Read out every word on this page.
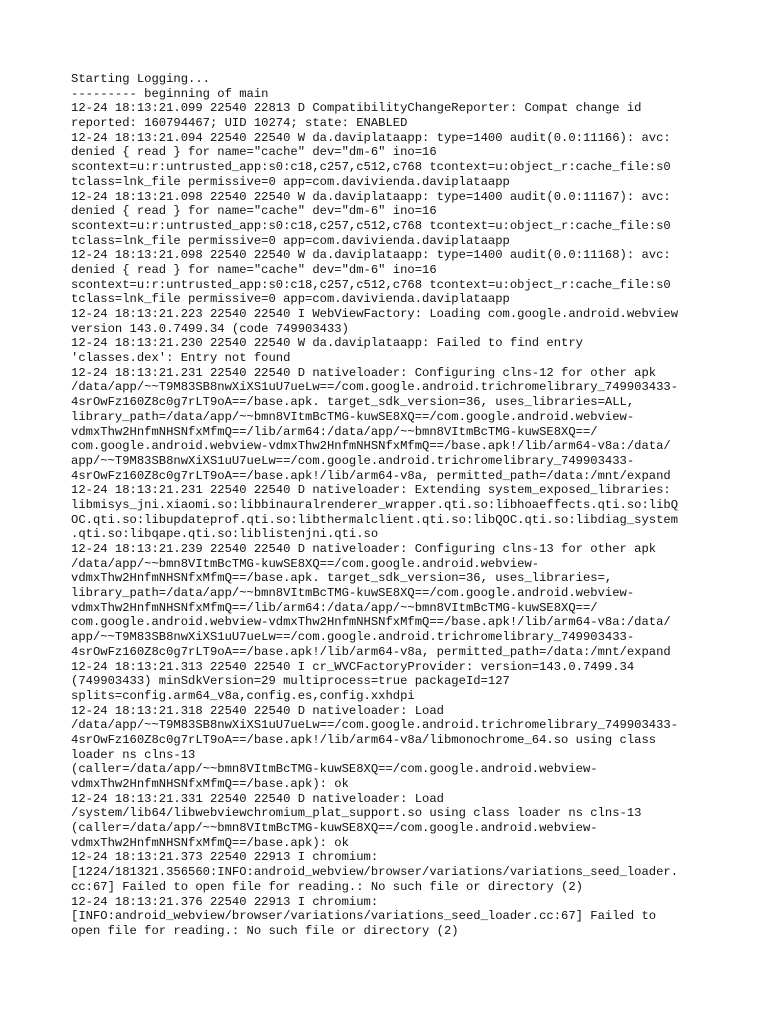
Starting Logging...
--------- beginning of main
12-24 18:13:21.099 22540 22813 D CompatibilityChangeReporter: Compat change id
reported: 160794467; UID 10274; state: ENABLED
12-24 18:13:21.094 22540 22540 W da.daviplataapp: type=1400 audit(0.0:11166): avc:
denied { read } for name="cache" dev="dm-6" ino=16
scontext=u:r:untrusted_app:s0:c18,c257,c512,c768 tcontext=u:object_r:cache_file:s0
tclass=lnk_file permissive=0 app=com.davivienda.daviplataapp
12-24 18:13:21.098 22540 22540 W da.daviplataapp: type=1400 audit(0.0:11167): avc:
denied { read } for name="cache" dev="dm-6" ino=16
scontext=u:r:untrusted_app:s0:c18,c257,c512,c768 tcontext=u:object_r:cache_file:s0
tclass=lnk_file permissive=0 app=com.davivienda.daviplataapp
12-24 18:13:21.098 22540 22540 W da.daviplataapp: type=1400 audit(0.0:11168): avc:
denied { read } for name="cache" dev="dm-6" ino=16
scontext=u:r:untrusted_app:s0:c18,c257,c512,c768 tcontext=u:object_r:cache_file:s0
tclass=lnk_file permissive=0 app=com.davivienda.daviplataapp
12-24 18:13:21.223 22540 22540 I WebViewFactory: Loading com.google.android.webview
version 143.0.7499.34 (code 749903433)
12-24 18:13:21.230 22540 22540 W da.daviplataapp: Failed to find entry
'classes.dex': Entry not found
12-24 18:13:21.231 22540 22540 D nativeloader: Configuring clns-12 for other apk
/data/app/~~T9M83SB8nwXiXS1uU7ueLw==/com.google.android.trichromelibrary_749903433-
4srOwFz160Z8c0g7rLT9oA==/base.apk. target_sdk_version=36, uses_libraries=ALL,
library_path=/data/app/~~bmn8VItmBcTMG-kuwSE8XQ==/com.google.android.webview-
vdmxThw2HnfmNHSNfxMfmQ==/lib/arm64:/data/app/~~bmn8VItmBcTMG-kuwSE8XQ==/
com.google.android.webview-vdmxThw2HnfmNHSNfxMfmQ==/base.apk!/lib/arm64-v8a:/data/
app/~~T9M83SB8nwXiXS1uU7ueLw==/com.google.android.trichromelibrary_749903433-
4srOwFz160Z8c0g7rLT9oA==/base.apk!/lib/arm64-v8a, permitted_path=/data:/mnt/expand
12-24 18:13:21.231 22540 22540 D nativeloader: Extending system_exposed_libraries:
libmisys_jni.xiaomi.so:libbinauralrenderer_wrapper.qti.so:libhoaeffects.qti.so:libQ
OC.qti.so:libupdateprof.qti.so:libthermalclient.qti.so:libQOC.qti.so:libdiag_system
.qti.so:libqape.qti.so:liblistenjni.qti.so
12-24 18:13:21.239 22540 22540 D nativeloader: Configuring clns-13 for other apk
/data/app/~~bmn8VItmBcTMG-kuwSE8XQ==/com.google.android.webview-
vdmxThw2HnfmNHSNfxMfmQ==/base.apk. target_sdk_version=36, uses_libraries=,
library_path=/data/app/~~bmn8VItmBcTMG-kuwSE8XQ==/com.google.android.webview-
vdmxThw2HnfmNHSNfxMfmQ==/lib/arm64:/data/app/~~bmn8VItmBcTMG-kuwSE8XQ==/
com.google.android.webview-vdmxThw2HnfmNHSNfxMfmQ==/base.apk!/lib/arm64-v8a:/data/
app/~~T9M83SB8nwXiXS1uU7ueLw==/com.google.android.trichromelibrary_749903433-
4srOwFz160Z8c0g7rLT9oA==/base.apk!/lib/arm64-v8a, permitted_path=/data:/mnt/expand
12-24 18:13:21.313 22540 22540 I cr_WVCFactoryProvider: version=143.0.7499.34
(749903433) minSdkVersion=29 multiprocess=true packageId=127
splits=config.arm64_v8a,config.es,config.xxhdpi
12-24 18:13:21.318 22540 22540 D nativeloader: Load
/data/app/~~T9M83SB8nwXiXS1uU7ueLw==/com.google.android.trichromelibrary_749903433-
4srOwFz160Z8c0g7rLT9oA==/base.apk!/lib/arm64-v8a/libmonochrome_64.so using class
loader ns clns-13
(caller=/data/app/~~bmn8VItmBcTMG-kuwSE8XQ==/com.google.android.webview-
vdmxThw2HnfmNHSNfxMfmQ==/base.apk): ok
12-24 18:13:21.331 22540 22540 D nativeloader: Load
/system/lib64/libwebviewchromium_plat_support.so using class loader ns clns-13
(caller=/data/app/~~bmn8VItmBcTMG-kuwSE8XQ==/com.google.android.webview-
vdmxThw2HnfmNHSNfxMfmQ==/base.apk): ok
12-24 18:13:21.373 22540 22913 I chromium:
[1224/181321.356560:INFO:android_webview/browser/variations/variations_seed_loader.
cc:67] Failed to open file for reading.: No such file or directory (2)
12-24 18:13:21.376 22540 22913 I chromium:
[INFO:android_webview/browser/variations/variations_seed_loader.cc:67] Failed to
open file for reading.: No such file or directory (2)
